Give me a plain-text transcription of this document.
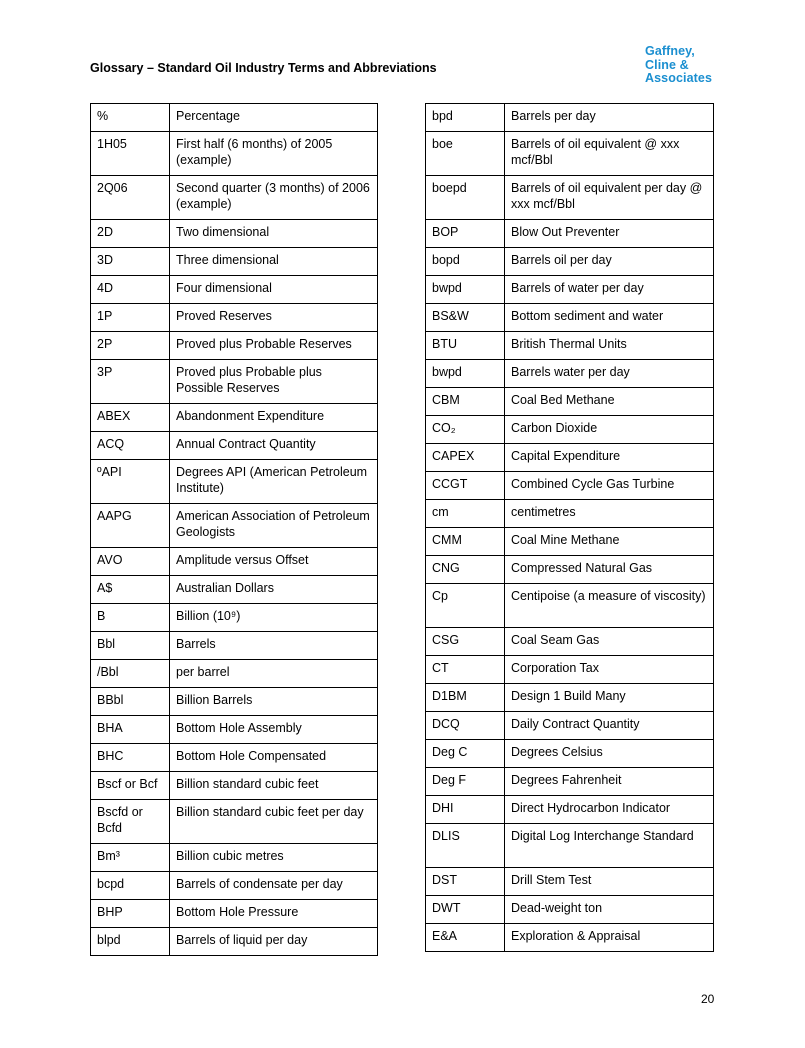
Glossary – Standard Oil Industry Terms and Abbreviations
Gaffney,
Cline &
Associates
%	Percentage
1H05	First half (6 months) of 2005 (example)
2Q06	Second quarter (3 months) of 2006 (example)
2D	Two dimensional
3D	Three dimensional
4D	Four dimensional
1P	Proved Reserves
2P	Proved plus Probable Reserves
3P	Proved plus Probable plus Possible Reserves
ABEX	Abandonment Expenditure
ACQ	Annual Contract Quantity
ºAPI	Degrees API (American Petroleum Institute)
AAPG	American Association of Petroleum Geologists
AVO	Amplitude versus Offset
A$	Australian Dollars
B	Billion (10⁹)
Bbl	Barrels
/Bbl	per barrel
BBbl	Billion Barrels
BHA	Bottom Hole Assembly
BHC	Bottom Hole Compensated
Bscf or Bcf	Billion standard cubic feet
Bscfd or Bcfd	Billion standard cubic feet per day
Bm³	Billion cubic metres
bcpd	Barrels of condensate per day
BHP	Bottom Hole Pressure
blpd	Barrels of liquid per day
bpd	Barrels per day
boe	Barrels of oil equivalent @ xxx mcf/Bbl
boepd	Barrels of oil equivalent per day @ xxx mcf/Bbl
BOP	Blow Out Preventer
bopd	Barrels oil per day
bwpd	Barrels of water per day
BS&W	Bottom sediment and water
BTU	British Thermal Units
bwpd	Barrels water per day
CBM	Coal Bed Methane
CO₂	Carbon Dioxide
CAPEX	Capital Expenditure
CCGT	Combined Cycle Gas Turbine
cm	centimetres
CMM	Coal Mine Methane
CNG	Compressed Natural Gas
Cp	Centipoise (a measure of viscosity)
CSG	Coal Seam Gas
CT	Corporation Tax
D1BM	Design 1 Build Many
DCQ	Daily Contract Quantity
Deg C	Degrees Celsius
Deg F	Degrees Fahrenheit
DHI	Direct Hydrocarbon Indicator
DLIS	Digital Log Interchange Standard
DST	Drill Stem Test
DWT	Dead-weight ton
E&A	Exploration & Appraisal
20
